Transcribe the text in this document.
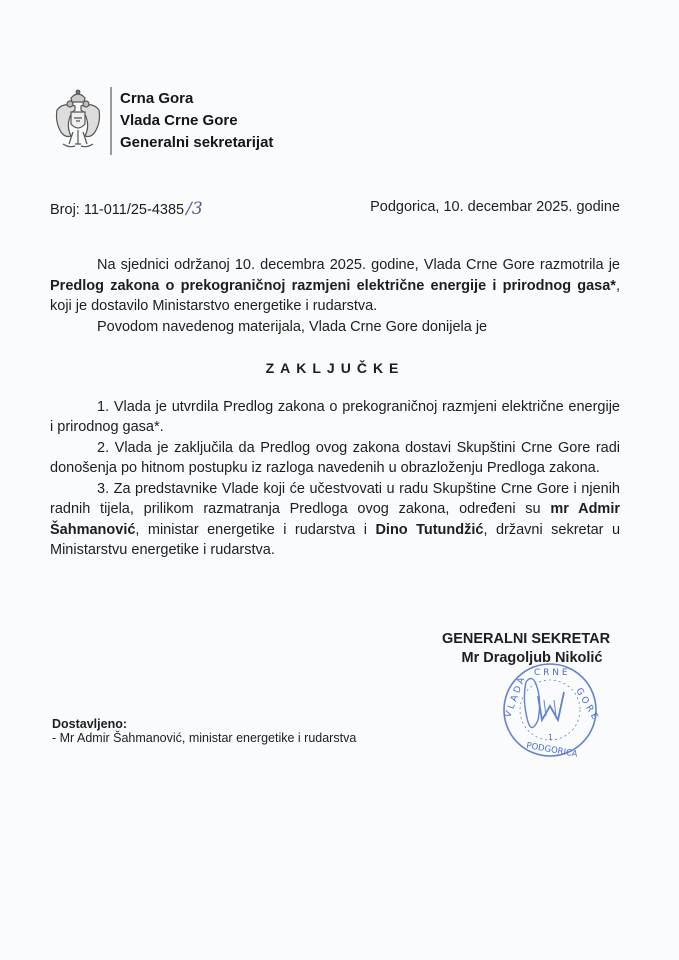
Crna Gora
Vlada Crne Gore
Generalni sekretarijat
Broj: 11-011/25-4385 /3	Podgorica, 10. decembar 2025. godine

Na sjednici održanoj 10. decembra 2025. godine, Vlada Crne Gore razmotrila je Predlog zakona o prekograničnoj razmjeni električne energije i prirodnog gasa*, koji je dostavilo Ministarstvo energetike i rudarstva.

Povodom navedenog materijala, Vlada Crne Gore donijela je

ZAKLJUČKE

1. Vlada je utvrdila Predlog zakona o prekograničnoj razmjeni električne energije i prirodnog gasa*.

2. Vlada je zaključila da Predlog ovog zakona dostavi Skupštini Crne Gore radi donošenja po hitnom postupku iz razloga navedenih u obrazloženju Predloga zakona.

3. Za predstavnike Vlade koji će učestvovati u radu Skupštine Crne Gore i njenih radnih tijela, prilikom razmatranja Predloga ovog zakona, određeni su mr Admir Šahmanović, ministar energetike i rudarstva i Dino Tutundžić, državni sekretar u Ministarstvu energetike i rudarstva.

GENERALNI SEKRETAR
Mr Dragoljub Nikolić
C R N E
G O R E
V L A D A
1
PODGORICA
Dostavljeno:
- Mr Admir Šahmanović, ministar energetike i rudarstva
